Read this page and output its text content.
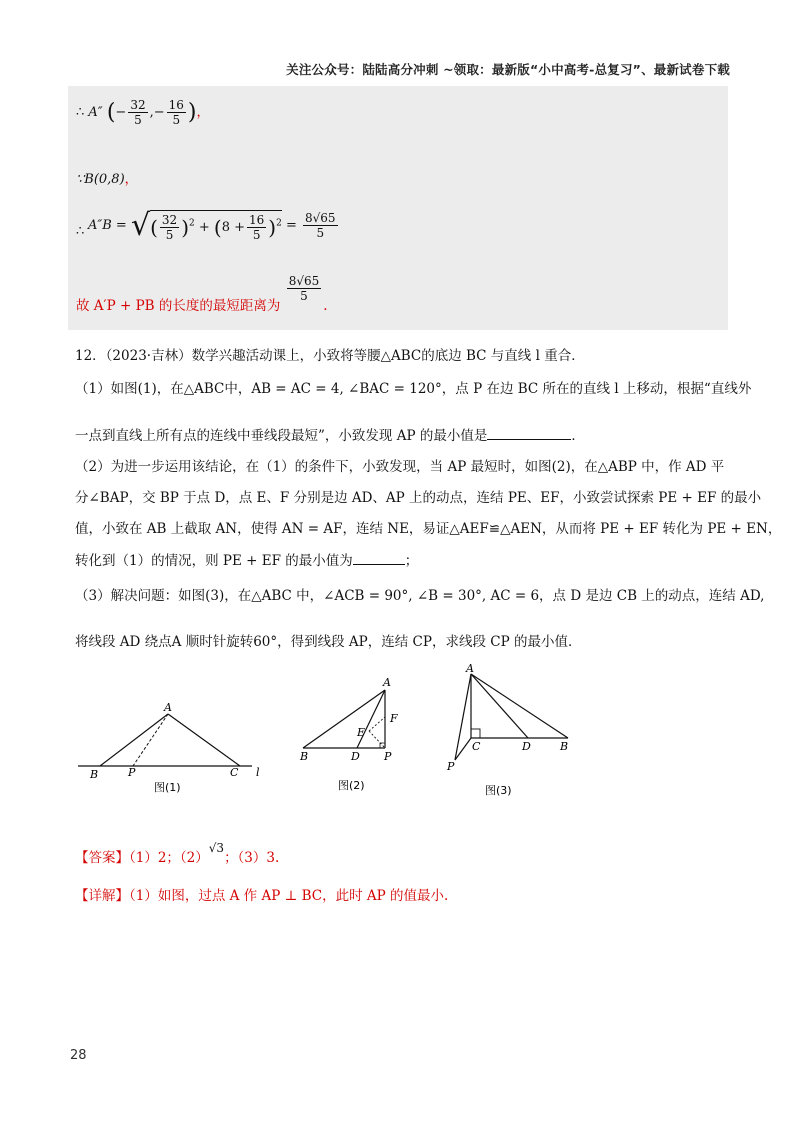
关注公众号：陆陆高分冲刺 ~领取：最新版“小中高考-总复习”、最新试卷下载
∴ A″ (− $\frac{32}{5}$ ,− $\frac{16}{5}$ )，
∵B(0,8)，
∴ A″B = √( $\frac{32}{5} )^2 + (8 + \frac{16}{5} )^2 = \frac{8√65}{5}$
故 A′P + PB 的长度的最短距离为
$\frac{8√65}{5}$
.
12．（2023·吉林）数学兴趣活动课上，小致将等腰△ABC的底边 BC 与直线 l 重合．
（1）如图(1)，在△ABC中，AB = AC = 4, ∠BAC = 120°，点 P 在边 BC 所在的直线 l 上移动，根据“直线外
一点到直线上所有点的连线中垂线段最短”，小致发现 AP 的最小值是	．
（2）为进一步运用该结论，在（1）的条件下，小致发现，当 AP 最短时，如图(2)，在△ABP 中，作 AD 平
分∠BAP，交 BP 于点 D，点 E、F 分别是边 AD、AP 上的动点，连结 PE、EF，小致尝试探索 PE + EF 的最小
值，小致在 AB 上截取 AN，使得 AN = AF，连结 NE，易证△AEF≌△AEN，从而将 PE + EF 转化为 PE + EN，
转化到（1）的情况，则 PE + EF 的最小值为	；
（3）解决问题：如图(3)，在△ABC 中，∠ACB = 90°, ∠B = 30°, AC = 6，点 D 是边 CB 上的动点，连结 AD,
将线段 AD 绕点A 顺时针旋转60°，得到线段 AP，连结 CP，求线段 CP 的最小值．
A
B	P	C l
图(1)
A
F
E
B	D P
图(2)
A
C	D	B
P
图(3)
【答案】（1）2；（2）√3；（3）3.
【详解】（1）如图，过点 A 作 AP ⊥ BC，此时 AP 的值最小.
28
